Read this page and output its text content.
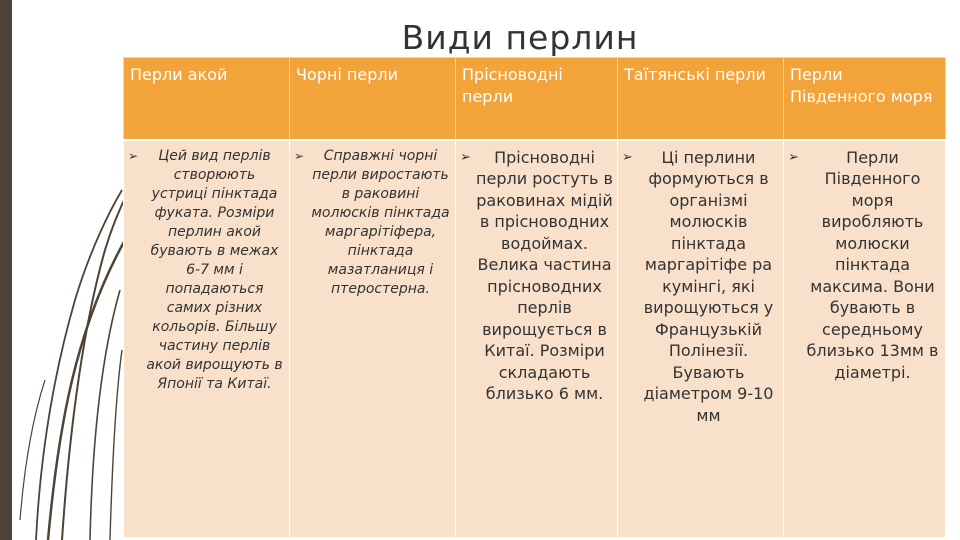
Види перлин
Перли акой	Чорні перли	Прісноводні перли	Таїтянські перли	Перли Південного моря

➢ Цей вид перлів створюють устриці пінктада фуката. Розміри перлин акой бувають в межах 6-7 мм і попадаються самих різних кольорів. Більшу частину перлів акой вирощують в Японії та Китаї.	➢ Справжні чорні перли виростають в раковині молюсків пінктада маргарітіфера, пінктада мазатланиця і птеростерна.	➢ Прісноводні перли ростуть в раковинах мідій в прісноводних водоймах. Велика частина прісноводних перлів вирощується в Китаї. Розміри складають близько 6 мм.	➢ Ці перлини формуються в організмі молюсків пінктада маргарітіфе ра кумінгі, які вирощуються у Французькій Полінезії. Бувають діаметром 9-10 мм	➢ Перли Південного моря виробляють молюски пінктада максима. Вони бувають в середньому близько 13мм в діаметрі.
